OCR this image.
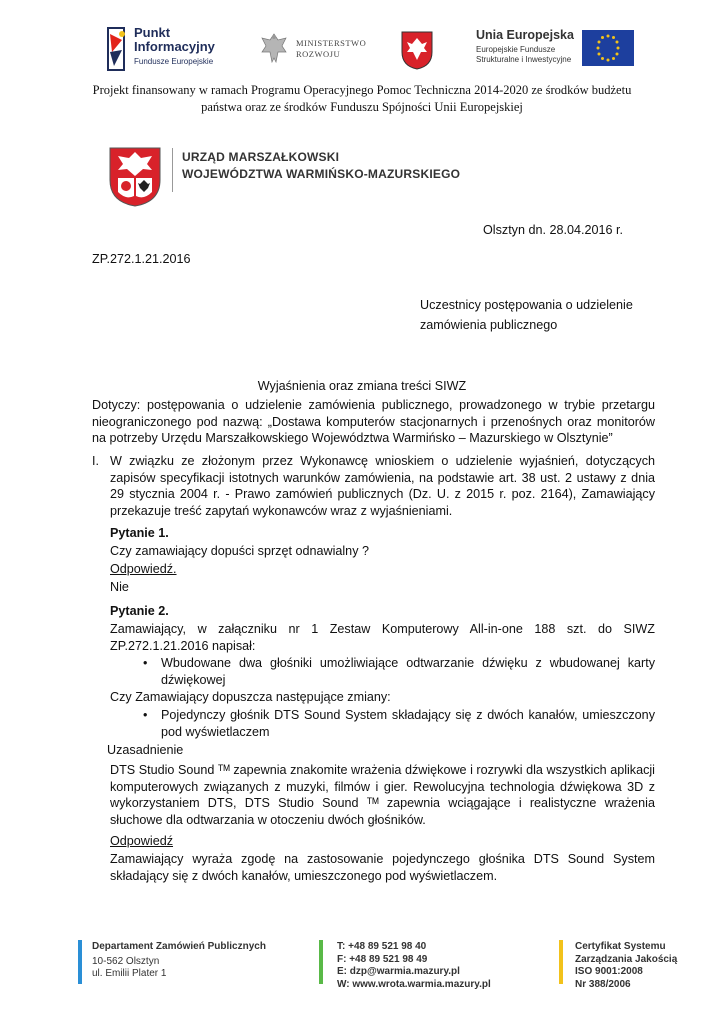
Punkt
Informacyjny
Fundusze Europejskie
MINISTERSTWO
ROZWOJU
Unia Europejska
Europejskie Fundusze
Strukturalne i Inwestycyjne
Projekt finansowany w ramach Programu Operacyjnego Pomoc Techniczna 2014-2020 ze środków budżetu
państwa oraz ze środków Funduszu Spójności Unii Europejskiej
URZĄD MARSZAŁKOWSKI
WOJEWÓDZTWA WARMIŃSKO-MAZURSKIEGO
Olsztyn dn. 28.04.2016 r.
ZP.272.1.21.2016
Uczestnicy postępowania o udzielenie
zamówienia publicznego
Wyjaśnienia oraz zmiana treści SIWZ
Dotyczy: postępowania o udzielenie zamówienia publicznego, prowadzonego w trybie przetargu nieograniczonego pod nazwą: „Dostawa komputerów stacjonarnych i przenośnych oraz monitorów na potrzeby Urzędu Marszałkowskiego Województwa Warmińsko – Mazurskiego w Olsztynie”
I. W związku ze złożonym przez Wykonawcę wnioskiem o udzielenie wyjaśnień, dotyczących zapisów specyfikacji istotnych warunków zamówienia, na podstawie art. 38 ust. 2 ustawy z dnia 29 stycznia 2004 r. - Prawo zamówień publicznych (Dz. U. z 2015 r. poz. 2164), Zamawiający przekazuje treść zapytań wykonawców wraz z wyjaśnieniami.
Pytanie 1.
Czy zamawiający dopuści sprzęt odnawialny ?
Odpowiedź.
Nie
Pytanie 2.
Zamawiający, w załączniku nr 1 Zestaw Komputerowy All-in-one 188 szt. do SIWZ ZP.272.1.21.2016 napisał:
• Wbudowane dwa głośniki umożliwiające odtwarzanie dźwięku z wbudowanej karty dźwiękowej
Czy Zamawiający dopuszcza następujące zmiany:
• Pojedynczy głośnik DTS Sound System składający się z dwóch kanałów, umieszczony pod wyświetlaczem
Uzasadnienie
DTS Studio Sound ᵀᴹ zapewnia znakomite wrażenia dźwiękowe i rozrywki dla wszystkich aplikacji komputerowych związanych z muzyki, filmów i gier. Rewolucyjna technologia dźwiękowa 3D z wykorzystaniem DTS, DTS Studio Sound ᵀᴹ zapewnia wciągające i realistyczne wrażenia słuchowe dla odtwarzania w otoczeniu dwóch głośników.
Odpowiedź
Zamawiający wyraża zgodę na zastosowanie pojedynczego głośnika DTS Sound System składający się z dwóch kanałów, umieszczonego pod wyświetlaczem.
Departament Zamówień Publicznych
10-562 Olsztyn
ul. Emilii Plater 1
T: +48 89 521 98 40
F: +48 89 521 98 49
E: dzp@warmia.mazury.pl
W: www.wrota.warmia.mazury.pl
Certyfikat Systemu
Zarządzania Jakością
ISO 9001:2008
Nr 388/2006
